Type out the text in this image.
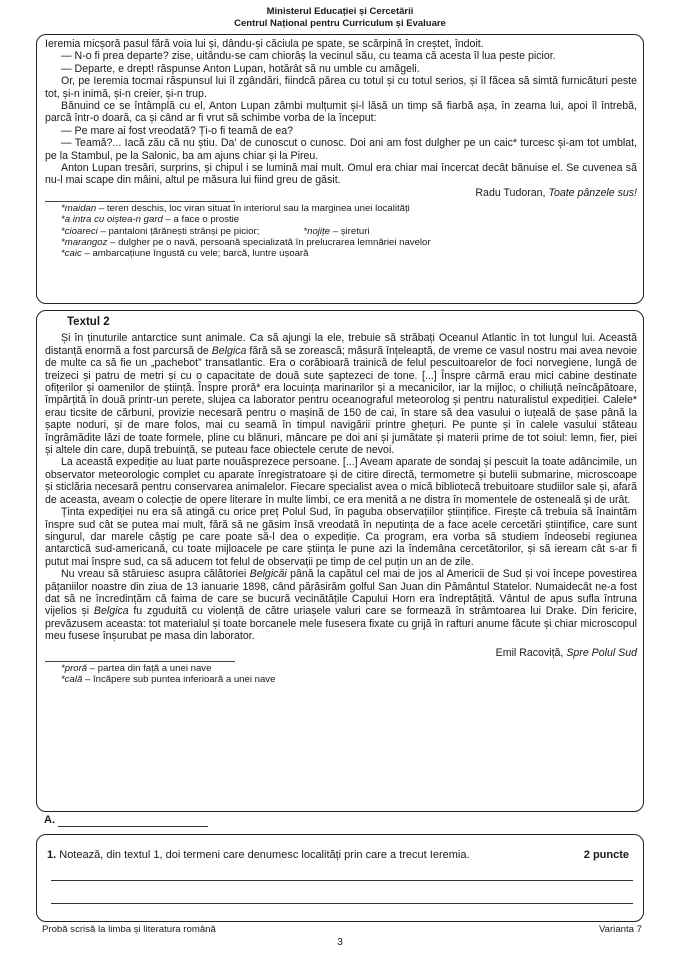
Ministerul Educației și Cercetării
Centrul Național pentru Curriculum și Evaluare

Ieremia micșoră pasul fără voia lui și, dându-și căciula pe spate, se scărpină în creștet, îndoit.

— N-o fi prea departe? zise, uitându-se cam chiorâș la vecinul său, cu teama că acesta îl lua peste picior.

— Departe, e drept! răspunse Anton Lupan, hotărât să nu umble cu amăgeli.

Or, pe Ieremia tocmai răspunsul lui îl zgândări, fiindcă părea cu totul și cu totul serios, și îl făcea să simtă furnicături peste tot, și-n inimă, și-n creier, și-n trup.

Bănuind ce se întâmplă cu el, Anton Lupan zâmbi mulțumit și-l lăsă un timp să fiarbă așa, în zeama lui, apoi îl întrebă, parcă într-o doară, ca și când ar fi vrut să schimbe vorba de la început:

— Pe mare ai fost vreodată? Ți-o fi teamă de ea?

— Teamă?... Iacă zău că nu știu. Da' de cunoscut o cunosc. Doi ani am fost dulgher pe un caic* turcesc și-am tot umblat, pe la Stambul, pe la Salonic, ba am ajuns chiar și la Pireu.

Anton Lupan tresări, surprins, și chipul i se lumină mai mult. Omul era chiar mai încercat decât bănuise el. Se cuvenea să nu-l mai scape din mâini, altul pe măsura lui fiind greu de găsit.

Radu Tudoran, Toate pânzele sus!

*maidan – teren deschis, loc viran situat în interiorul sau la marginea unei localități

*a intra cu oiștea-n gard – a face o prostie

*cioareci – pantaloni țărănești strânși pe picior;	*nojițe – șireturi

*marangoz – dulgher pe o navă, persoană specializată în prelucrarea lemnăriei navelor

*caic – ambarcațiune îngustă cu vele; barcă, luntre ușoară

Textul 2

Și în ținuturile antarctice sunt animale. Ca să ajungi la ele, trebuie să străbați Oceanul Atlantic în tot lungul lui. Această distanță enormă a fost parcursă de Belgica fără să se zorească; măsură înțeleaptă, de vreme ce vasul nostru mai avea nevoie de multe ca să fie un „pachebot” transatlantic. Era o corăbioară trainică de felul pescuitoarelor de foci norvegiene, lungă de treizeci și patru de metri și cu o capacitate de două sute șaptezeci de tone. [...] Înspre cârmă erau mici cabine destinate ofițerilor și oamenilor de știință. Înspre proră* era locuința marinarilor și a mecanicilor, iar la mijloc, o chiliuță neîncăpătoare, împărțită în două printr-un perete, slujea ca laborator pentru oceanograful meteorolog și pentru naturalistul expediției. Calele* erau ticsite de cărbuni, provizie necesară pentru o mașină de 150 de cai, în stare să dea vasului o iuțeală de șase până la șapte noduri, și de mare folos, mai cu seamă în timpul navigării printre ghețuri. Pe punte și în calele vasului stăteau îngrămădite lăzi de toate formele, pline cu blănuri, mâncare pe doi ani și jumătate și materii prime de tot soiul: lemn, fier, piei și altele din care, după trebuință, se puteau face obiectele cerute de nevoi.

La această expediție au luat parte nouăsprezece persoane. [...] Aveam aparate de sondaj și pescuit la toate adâncimile, un observator meteorologic complet cu aparate înregistratoare și de citire directă, termometre și butelii submarine, microscoape și sticlăria necesară pentru conservarea animalelor. Fiecare specialist avea o mică bibliotecă trebuitoare studiilor sale și, afară de aceasta, aveam o colecție de opere literare în multe limbi, ce era menită a ne distra în momentele de osteneală și de urât.

Ținta expediției nu era să atingă cu orice preț Polul Sud, în paguba observațiilor științifice. Firește că trebuia să înaintăm înspre sud cât se putea mai mult, fără să ne găsim însă vreodată în neputința de a face acele cercetări științifice, care sunt singurul, dar marele câștig pe care poate să-l dea o expediție. Ca program, era vorba să studiem îndeosebi regiunea antarctică sud-americană, cu toate mijloacele pe care știința le pune azi la îndemâna cercetătorilor, și să ieream cât s-ar fi putut mai înspre sud, ca să aducem tot felul de observații pe timp de cel puțin un an de zile.

Nu vreau să stăruiesc asupra călătoriei Belgicăi până la capătul cel mai de jos al Americii de Sud și voi începe povestirea pățaniilor noastre din ziua de 13 ianuarie 1898, când părăsirăm golful San Juan din Pământul Statelor. Numaidecât ne-a fost dat să ne încredințăm că faima de care se bucură vecinătățile Capului Horn era îndreptățită. Vântul de apus sufla întruna vijelios și Belgica fu zguduită cu violență de către uriașele valuri care se formează în strâmtoarea lui Drake. Din fericire, prevăzusem aceasta: tot materialul și toate borcanele mele fusesera fixate cu grijă în rafturi anume făcute și chiar microscopul meu fusese înșurubat pe masa din laborator.

Emil Racoviță, Spre Polul Sud

*proră – partea din față a unei nave

*cală – încăpere sub puntea inferioară a unei nave

A.
1. Notează, din textul 1, doi termeni care denumesc localități prin care a trecut Ieremia.	2 puncte
Probă scrisă la limba și literatura română	Varianta 7
3
